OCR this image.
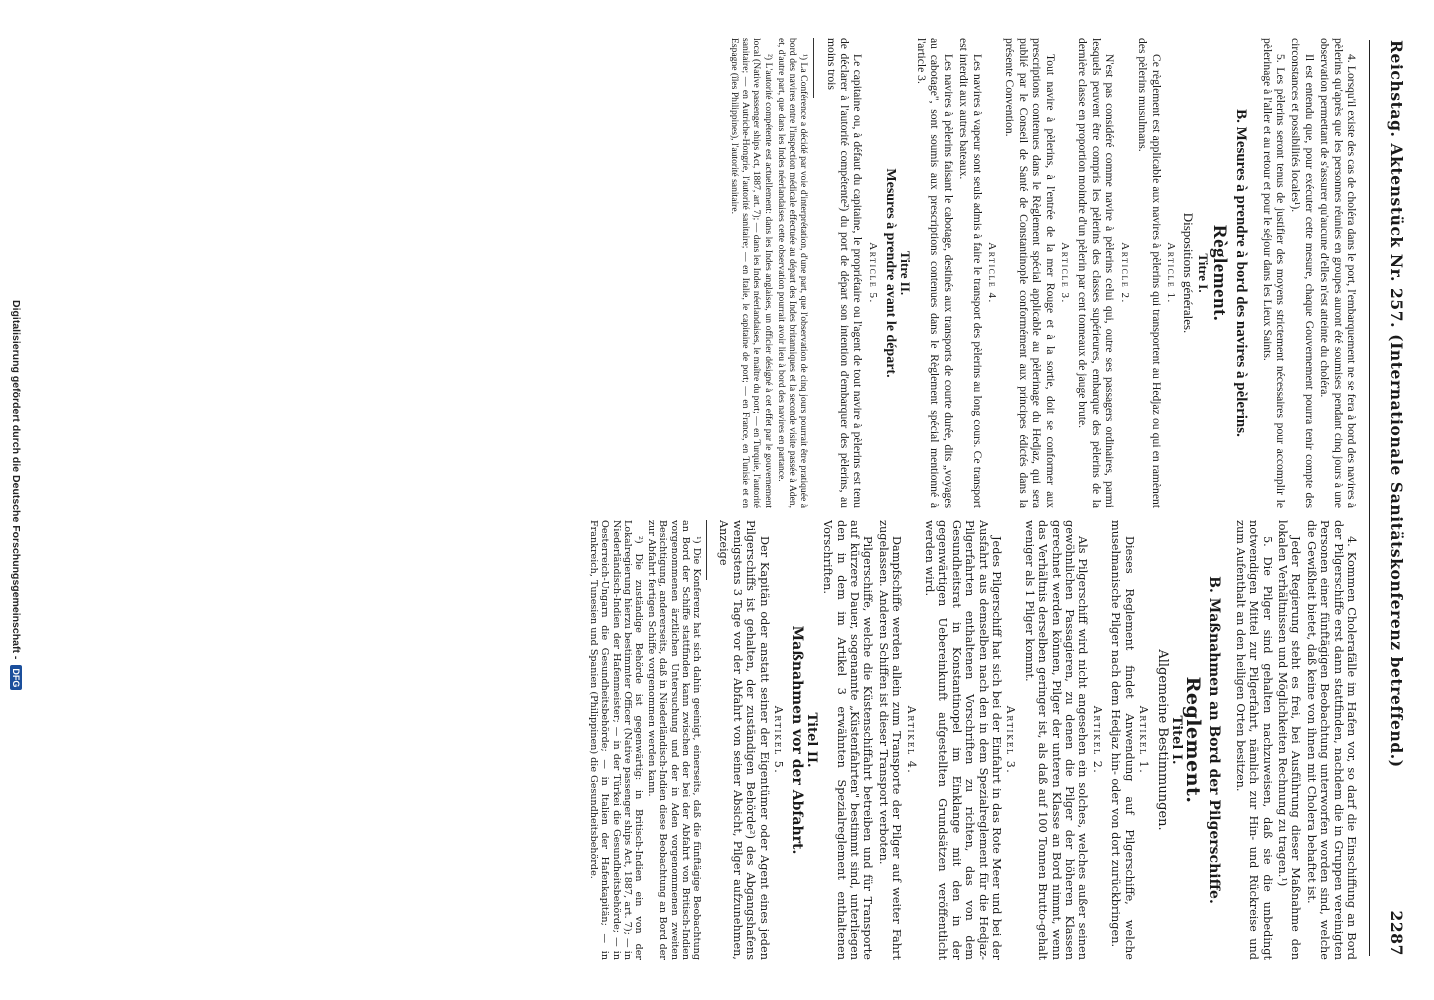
Reichstag. Aktenstück Nr. 257. (Internationale Sanitätskonferenz betreffend.)
2287

4. Lorsqu'il existe des cas de choléra dans le port, l'embarquement ne se fera à bord des navires à pèlerins qu'après que les personnes réunies en groupes auront été soumises pendant cinq jours à une observation permettant de s'assurer qu'aucune d'elles n'est atteinte du choléra.

Il est entendu que, pour exécuter cette mesure, chaque Gouvernement pourra tenir compte des circonstances et possibilités locales¹).

5. Les pèlerins seront tenus de justifier des moyens strictement nécessaires pour accomplir le pèlerinage à l'aller et au retour et pour le séjour dans les Lieux Saints.

B. Mesures à prendre à bord des navires à pèlerins.
Règlement.
Titre I.
Dispositions générales.
Article 1.

Ce règlement est applicable aux navires à pèlerins qui transportent au Hedjaz ou qui en ramènent des pèlerins musulmans.

Article 2.

N'est pas considéré comme navire à pèlerins celui qui, outre ses passagers ordinaires, parmi lesquels peuvent être compris les pèlerins des classes supérieures, embarque des pèlerins de la dernière classe en proportion moindre d'un pèlerin par cent tonneaux de jauge brute.

Article 3.

Tout navire à pèlerins, à l'entrée de la mer Rouge et à la sortie, doit se conformer aux prescriptions contenues dans le Règlement spécial applicable au pèlerinage du Hedjaz, qui sera publié par le Conseil de Santé de Constantinople conformément aux principes édictés dans la présente Convention.

Article 4.

Les navires à vapeur sont seuls admis à faire le transport des pèlerins au long cours. Ce transport est interdit aux autres bateaux.

Les navires à pèlerins faisant le cabotage, destinés aux transports de courte durée, dits „voyages au cabotage", sont soumis aux prescriptions contenues dans le Règlement spécial mentionné à l'article 3.

Titre II.
Mesures à prendre avant le départ.
Article 5.

Le capitaine ou, à défaut du capitaine, le propriétaire ou l'agent de tout navire à pèlerins est tenu de déclarer à l'autorité compétente²) du port de départ son intention d'embarquer des pèlerins, au moins trois

¹) La Conférence a décidé par voie d'interprétation, d'une part, que l'observation de cinq jours pourrait être pratiquée à bord des navires entre l'inspection médicale effectuée au départ des Indes britanniques et la seconde visite passée à Aden, et, d'autre part, que dans les Indes néerlandaises cette observation pourrait avoir lieu à bord des navires en partance.

²) L'autorité compétente est actuellement: dans les Indes anglaises, un officier désigné à cet effet par le gouvernement local (Native passenger ships Act, 1887, art. 7); — dans les Indes néerlandaises, le maître du port; — en Turquie, l'autorité sanitaire; — en Autriche-Hongrie, l'autorité sanitaire; — en Italie, le capitaine de port; — en France, en Tunisie et en Espagne (îles Philippines), l'autorité sanitaire.

4. Kommen Cholerafälle im Hafen vor, so darf die Einschiffung an Bord der Pilgerschiffe erst dann stattfinden, nachdem die in Gruppen vereinigten Personen einer fünftägigen Beobachtung unterworfen worden sind, welche die Gewißheit bietet, daß keine von ihnen mit Cholera behaftet ist.

Jeder Regierung steht es frei, bei Ausführung dieser Maßnahme den lokalen Verhältnissen und Möglichkeiten Rechnung zu tragen.¹)

5. Die Pilger sind gehalten nachzuweisen, daß sie die unbedingt notwendigen Mittel zur Pilgerfahrt, nämlich zur Hin- und Rückreise und zum Aufenthalt an den heiligen Orten besitzen.

B. Maßnahmen an Bord der Pilgerschiffe.
Reglement.
Titel I.
Allgemeine Bestimmungen.
Artikel 1.

Dieses Reglement findet Anwendung auf Pilgerschiffe, welche muselmanische Pilger nach dem Hedjaz hin- oder von dort zurückbringen.

Artikel 2.

Als Pilgerschiff wird nicht angesehen ein solches, welches außer seinen gewöhnlichen Passagieren, zu denen die Pilger der höheren Klassen gerechnet werden können, Pilger der unteren Klasse an Bord nimmt, wenn das Verhältnis derselben geringer ist, als daß auf 100 Tonnen Brutto-gehalt weniger als 1 Pilger kommt.

Artikel 3.

Jedes Pilgerschiff hat sich bei der Einfahrt in das Rote Meer und bei der Ausfahrt aus demselben nach den in dem Spezialreglement für die Hedjaz-Pilgerfahrten enthaltenen Vorschriften zu richten, das von dem Gesundheitsrat in Konstantinopel im Einklange mit den in der gegenwärtigen Uebereinkunft aufgestellten Grundsätzen veröffentlicht werden wird.

Artikel 4.

Dampfschiffe werden allein zum Transporte der Pilger auf weiter Fahrt zugelassen. Anderen Schiffen ist dieser Transport verboten.

Pilgerschiffe, welche die Küstenschiffahrt betreiben und für Transporte auf kürzere Dauer, sogenannte „Küstenfahrten" bestimmt sind, unterliegen den in dem im Artikel 3 erwähnten Spezialreglement enthaltenen Vorschriften.

Titel II.
Maßnahmen vor der Abfahrt.
Artikel 5.

Der Kapitän oder anstatt seiner der Eigentümer oder Agent eines jeden Pilgerschiffs ist gehalten, der zuständigen Behörde²) des Abgangshafens wenigstens 3 Tage vor der Abfahrt von seiner Absicht, Pilger aufzunehmen, Anzeige

¹) Die Konferenz hat sich dahin geeinigt, einerseits, daß die fünftägige Beobachtung an Bord der Schiffe stattfinden kann zwischen der bei der Abfahrt von Britisch-Indien vorgenommenen ärztlichen Untersuchung und der in Aden vorgenommenen zweiten Besichtigung, andererseits, daß in Niederländisch-Indien diese Beobachtung an Bord der zur Abfahrt fertigen Schiffe vorgenommen werden kann.

²) Die zuständige Behörde ist gegenwärtig: in Britisch-Indien ein von der Lokalregierung hierzu bestimmter Officer (Native passenger ships Act, 1887, art. 7); — in Niederländisch-Indien der Hafenmeister; — in der Türkei die Gesundheitsbehörde; — in Oesterreich-Ungarn die Gesundheitsbehörde; — in Italien der Hafenkapitän; — in Frankreich, Tunesien und Spanien (Philippinen) die Gesundheitsbehörde.

Digitalisierung gefördert durch die Deutsche Forschungsgemeinschaft -
DFG
